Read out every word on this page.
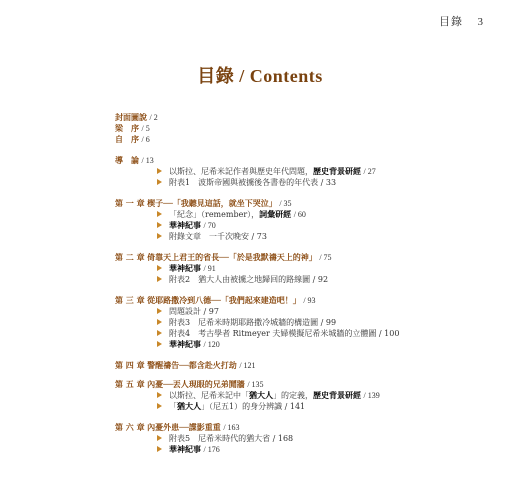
目錄 3
目錄 / Contents
封面圖說 / 2
梁　序 / 5
自　序 / 6
導　論 / 13
以斯拉、尼希米記作者與歷史年代問題，歷史背景研經 / 27
附表1　波斯帝國與被擄後各書卷的年代表 / 33
第 一 章 楔子──「我聽見這話，就坐下哭泣」 / 35
「紀念」（remember），詞彙研經 / 60
華神紀事 / 70
附錄文章　一千次晚安 / 73
第 二 章 倚靠天上君王的省長──「於是我默禱天上的神」 / 75
華神紀事 / 91
附表2　猶大人由被擄之地歸回的路線圖 / 92
第 三 章 從耶路撒冷到八德──「我們起來建造吧！」 / 93
問題設計 / 97
附表3　尼希米時期耶路撒冷城牆的構造圖 / 99
附表4　考古學者 Ritmeyer 夫婦模擬尼希米城牆的立體圖 / 100
華神紀事 / 120
第 四 章 警醒禱告──都含赴火打劫 / 121
第 五 章 內憂──丟人現眼的兄弟鬩牆 / 135
以斯拉、尼希米記中「猶大人」的定義，歷史背景研經 / 139
「猶大人」（尼五1）的身分辨識 / 141
第 六 章 內憂外患──諜影重重 / 163
附表5　尼希米時代的猶大省 / 168
華神紀事 / 176
